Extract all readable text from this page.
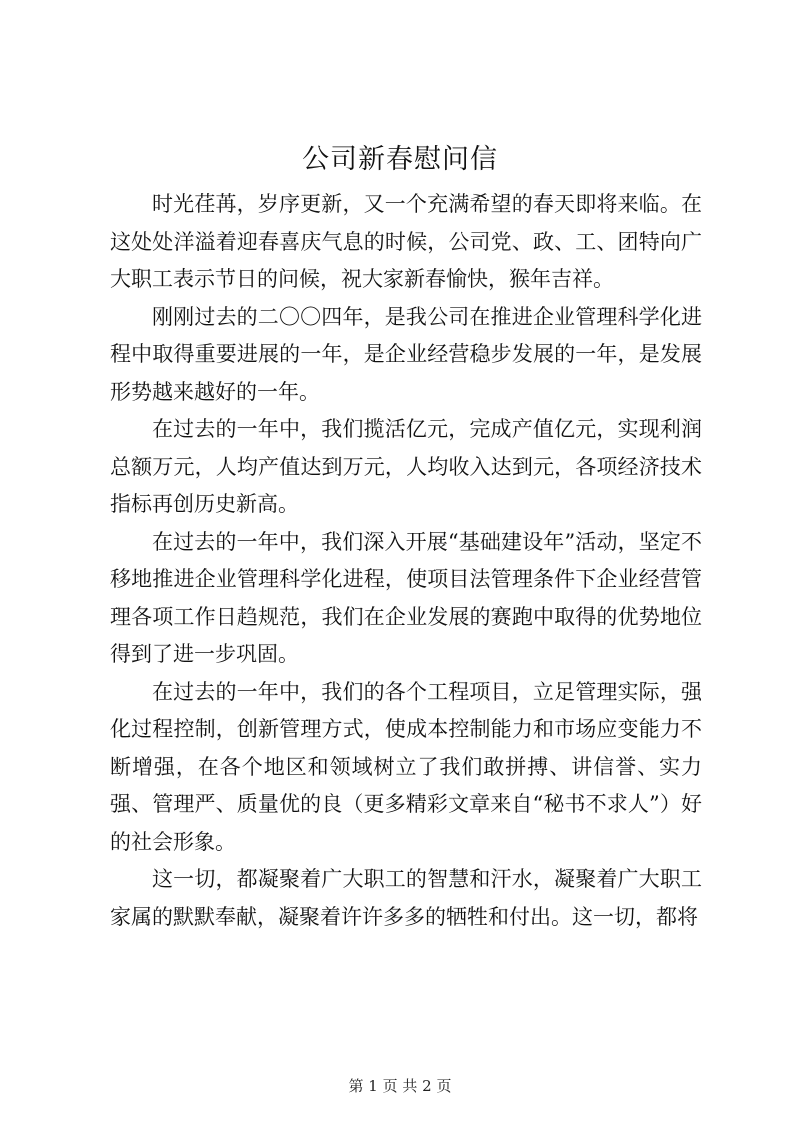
公司新春慰问信

时光荏苒，岁序更新，又一个充满希望的春天即将来临。在这处处洋溢着迎春喜庆气息的时候，公司党、政、工、团特向广大职工表示节日的问候，祝大家新春愉快，猴年吉祥。

刚刚过去的二〇〇四年，是我公司在推进企业管理科学化进程中取得重要进展的一年，是企业经营稳步发展的一年，是发展形势越来越好的一年。

在过去的一年中，我们揽活亿元，完成产值亿元，实现利润总额万元，人均产值达到万元，人均收入达到元，各项经济技术指标再创历史新高。

在过去的一年中，我们深入开展“基础建设年”活动，坚定不移地推进企业管理科学化进程，使项目法管理条件下企业经营管理各项工作日趋规范，我们在企业发展的赛跑中取得的优势地位得到了进一步巩固。

在过去的一年中，我们的各个工程项目，立足管理实际，强化过程控制，创新管理方式，使成本控制能力和市场应变能力不断增强，在各个地区和领域树立了我们敢拼搏、讲信誉、实力强、管理严、质量优的良（更多精彩文章来自“秘书不求人”）好的社会形象。

这一切，都凝聚着广大职工的智慧和汗水，凝聚着广大职工家属的默默奉献，凝聚着许许多多的牺牲和付出。这一切，都将

第 1 页 共 2 页
